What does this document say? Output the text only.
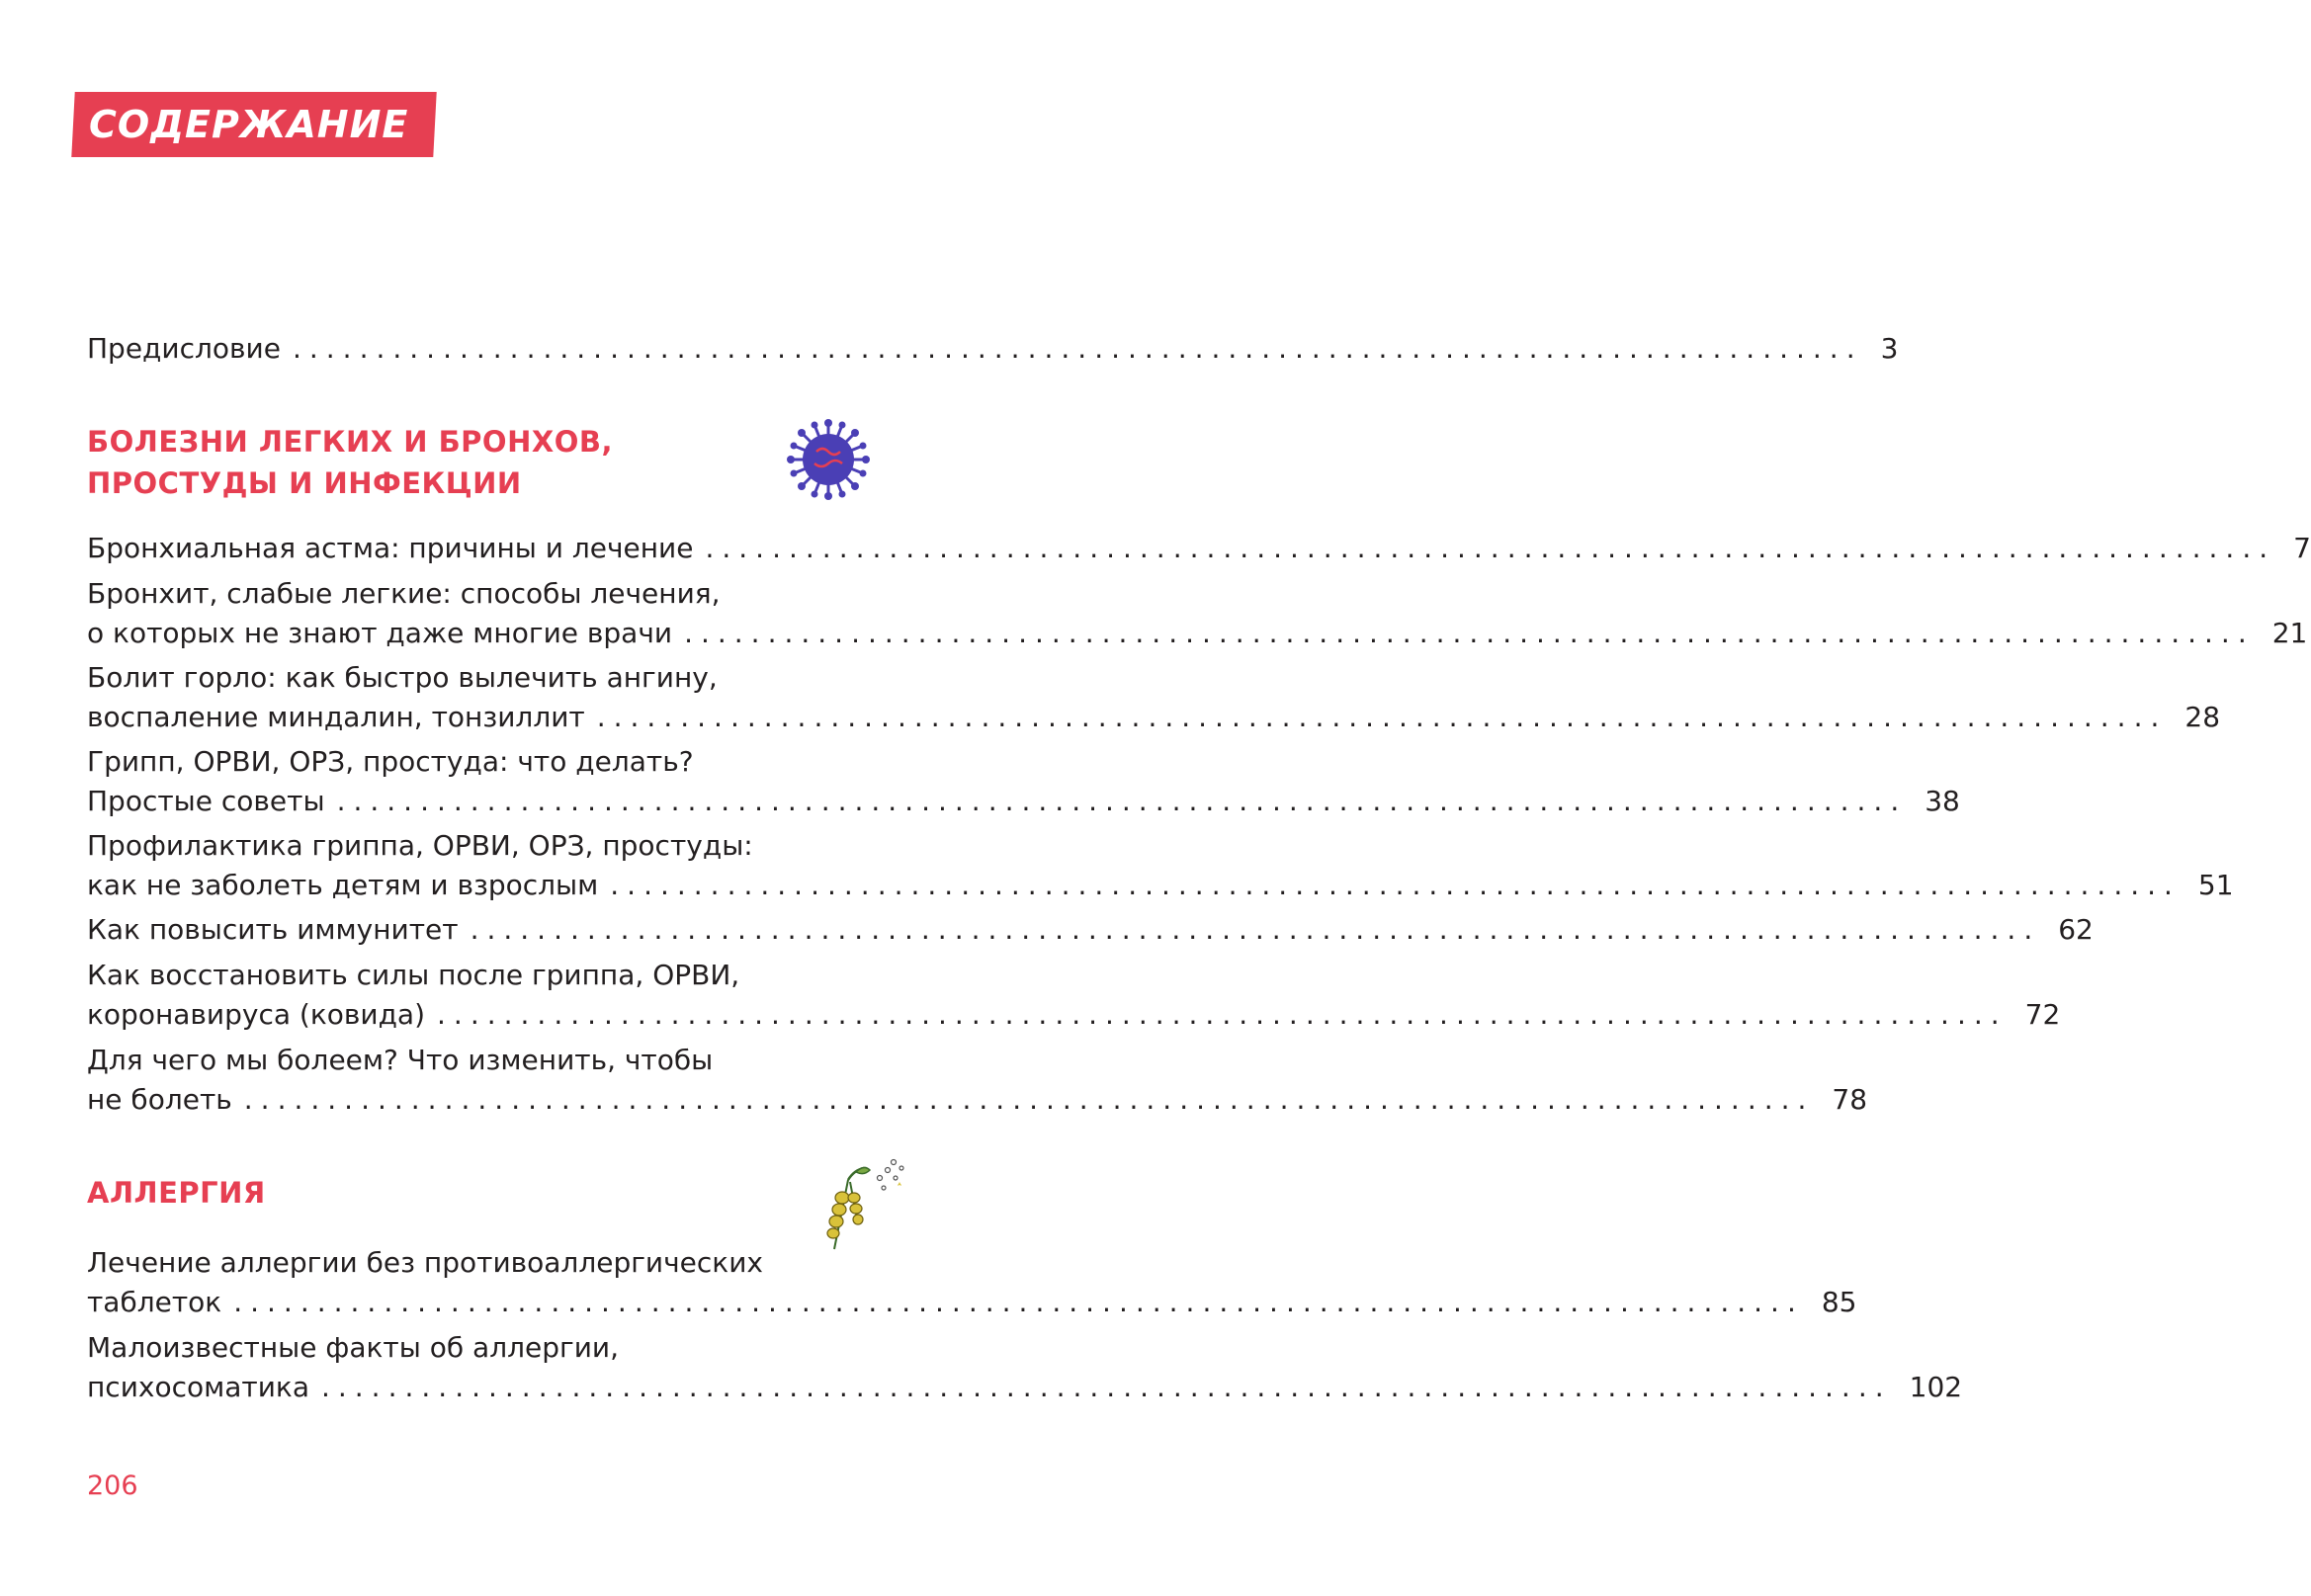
СОДЕРЖАНИЕ
Предисловие .............................................................................................. 3
БОЛЕЗНИ ЛЕГКИХ И БРОНХОВ,
ПРОСТУДЫ И ИНФЕКЦИИ
Бронхиальная астма: причины и лечение .............................................................................................. 7
Бронхит, слабые легкие: способы лечения,
о которых не знают даже многие врачи .............................................................................................. 21
Болит горло: как быстро вылечить ангину,
воспаление миндалин, тонзиллит .............................................................................................. 28
Грипп, ОРВИ, ОРЗ, простуда: что делать?
Простые советы .............................................................................................. 38
Профилактика гриппа, ОРВИ, ОРЗ, простуды:
как не заболеть детям и взрослым .............................................................................................. 51
Как повысить иммунитет .............................................................................................. 62
Как восстановить силы после гриппа, ОРВИ,
коронавируса (ковида) .............................................................................................. 72
Для чего мы болеем? Что изменить, чтобы
не болеть .............................................................................................. 78
АЛЛЕРГИЯ
Лечение аллергии без противоаллергических
таблеток .............................................................................................. 85
Малоизвестные факты об аллергии,
психосоматика .............................................................................................. 102
206
